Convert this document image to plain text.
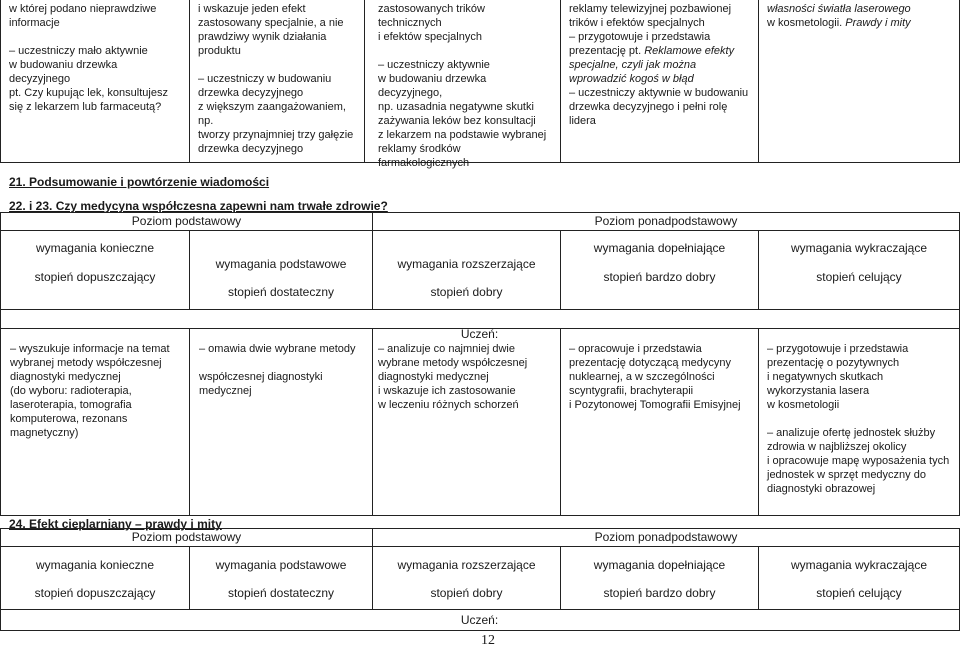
w której podano nieprawdziwe
informacje

– uczestniczy mało aktywnie
w budowaniu drzewka decyzyjnego
pt. Czy kupując lek, konsultujesz
się z lekarzem lub farmaceutą?
i wskazuje jeden efekt
zastosowany specjalnie, a nie
prawdziwy wynik działania
produktu

– uczestniczy w budowaniu
drzewka decyzyjnego
z większym zaangażowaniem, np.
tworzy przynajmniej trzy gałęzie
drzewka decyzyjnego
zastosowanych trików technicznych
i efektów specjalnych

– uczestniczy aktywnie
w budowaniu drzewka decyzyjnego,
np. uzasadnia negatywne skutki
zażywania leków bez konsultacji
z lekarzem na podstawie wybranej
reklamy środków
farmakologicznych
reklamy telewizyjnej pozbawionej
trików i efektów specjalnych
– przygotowuje i przedstawia
prezentację pt. Reklamowe efekty
specjalne, czyli jak można
wprowadzić kogoś w błąd
– uczestniczy aktywnie w budowaniu
drzewka decyzyjnego i pełni rolę
lidera
własności światła laserowego
w kosmetologii. Prawdy i mity
21. Podsumowanie i powtórzenie wiadomości
22. i 23. Czy medycyna współczesna zapewni nam trwałe zdrowie?
Poziom podstawowy	Poziom ponadpodstawowy
wymagania konieczne
stopień dopuszczający
wymagania podstawowe
stopień dostateczny
wymagania rozszerzające
stopień dobry
wymagania dopełniające
stopień bardzo dobry
wymagania wykraczające
stopień celujący
Uczeń:
– wyszukuje informacje na temat
wybranej metody współczesnej
diagnostyki medycznej
(do wyboru: radioterapia,
laseroterapia, tomografia
komputerowa, rezonans
magnetyczny)
– omawia dwie wybrane metody

współczesnej diagnostyki
medycznej
– analizuje co najmniej dwie
wybrane metody współczesnej
diagnostyki medycznej
i wskazuje ich zastosowanie
w leczeniu różnych schorzeń
– opracowuje i przedstawia
prezentację dotyczącą medycyny
nuklearnej, a w szczególności
scyntygrafii, brachyterapii
i Pozytonowej Tomografii Emisyjnej
– przygotowuje i przedstawia
prezentację o pozytywnych
i negatywnych skutkach
wykorzystania lasera
w kosmetologii

– analizuje ofertę jednostek służby
zdrowia w najbliższej okolicy
i opracowuje mapę wyposażenia tych
jednostek w sprzęt medyczny do
diagnostyki obrazowej
24. Efekt cieplarniany – prawdy i mity
Poziom podstawowy	Poziom ponadpodstawowy
wymagania konieczne
stopień dopuszczający
wymagania podstawowe
stopień dostateczny
wymagania rozszerzające
stopień dobry
wymagania dopełniające
stopień bardzo dobry
wymagania wykraczające
stopień celujący
Uczeń:
12
